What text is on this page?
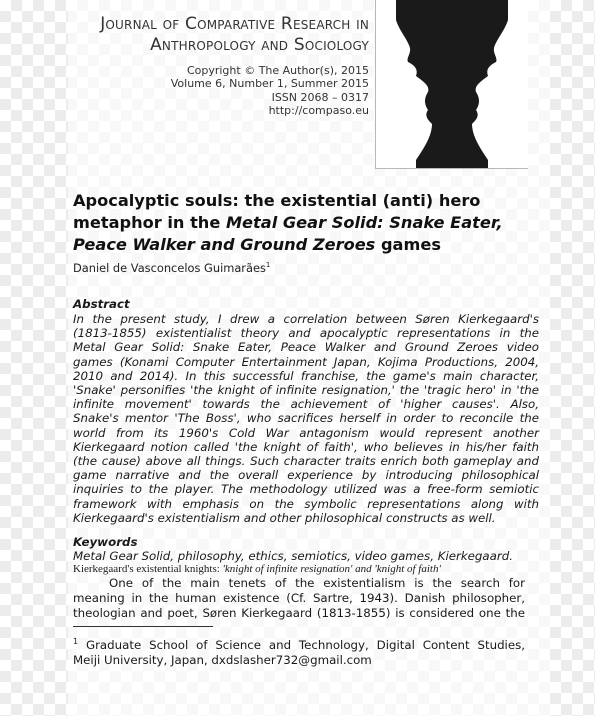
Journal of Comparative Research in
Anthropology and Sociology
Copyright © The Author(s), 2015
Volume 6, Number 1, Summer 2015
ISSN 2068 – 0317
http://compaso.eu
Apocalyptic souls: the existential (anti) hero
metaphor in the Metal Gear Solid: Snake Eater,
Peace Walker and Ground Zeroes games
Daniel de Vasconcelos Guimarães$^1$
Abstract
In the present study, I drew a correlation between Søren Kierkegaard's
(1813-1855) existentialist theory and apocalyptic representations in the
Metal Gear Solid: Snake Eater, Peace Walker and Ground Zeroes video
games (Konami Computer Entertainment Japan, Kojima Productions, 2004,
2010 and 2014). In this successful franchise, the game's main character,
'Snake' personifies 'the knight of infinite resignation,' the 'tragic hero' in 'the
infinite movement' towards the achievement of 'higher causes'. Also,
Snake's mentor 'The Boss', who sacrifices herself in order to reconcile the
world from its 1960's Cold War antagonism would represent another
Kierkegaard notion called 'the knight of faith', who believes in his/her faith
(the cause) above all things. Such character traits enrich both gameplay and
game narrative and the overall experience by introducing philosophical
inquiries to the player. The methodology utilized was a free-form semiotic
framework with emphasis on the symbolic representations along with
Kierkegaard's existentialism and other philosophical constructs as well.
Keywords
Metal Gear Solid, philosophy, ethics, semiotics, video games, Kierkegaard.
Kierkegaard's existential knights: 'knight of infinite resignation' and 'knight of faith'
One of the main tenets of the existentialism is the search for
meaning in the human existence (Cf. Sartre, 1943). Danish philosopher,
theologian and poet, Søren Kierkegaard (1813-1855) is considered one the
$^1$ Graduate School of Science and Technology, Digital Content Studies,
Meiji University, Japan, dxdslasher732@gmail.com
